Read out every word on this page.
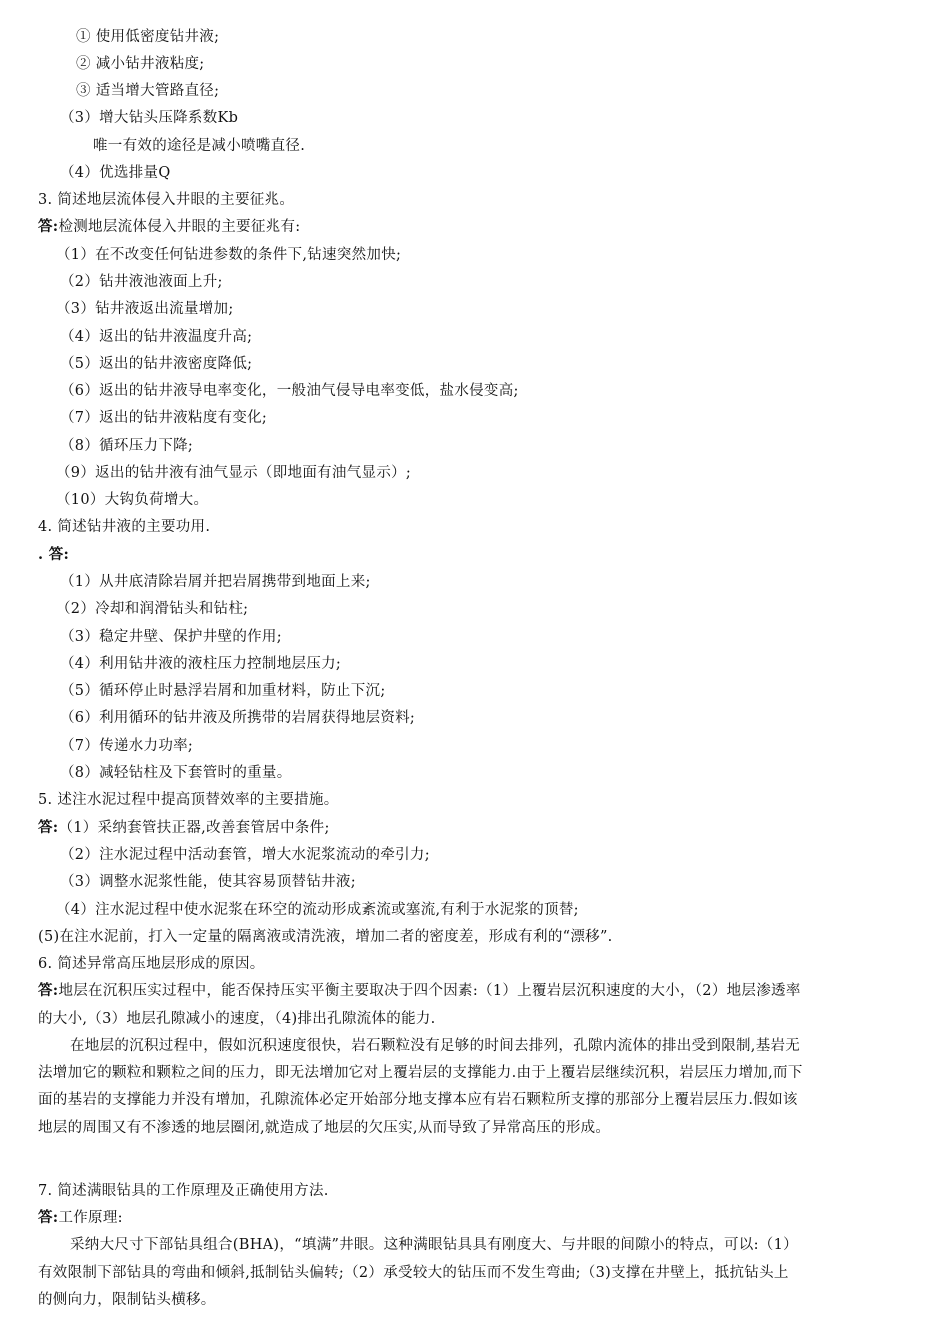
① 使用低密度钻井液;
② 减小钻井液粘度;
③ 适当增大管路直径;
（3）增大钻头压降系数Kb
唯一有效的途径是减小喷嘴直径.
（4）优选排量Q
3. 简述地层流体侵入井眼的主要征兆。
答:检测地层流体侵入井眼的主要征兆有:
（1）在不改变任何钻进参数的条件下,钻速突然加快;
（2）钻井液池液面上升;
（3）钻井液返出流量增加;
（4）返出的钻井液温度升高;
（5）返出的钻井液密度降低;
（6）返出的钻井液导电率变化，一般油气侵导电率变低，盐水侵变高;
（7）返出的钻井液粘度有变化;
（8）循环压力下降;
（9）返出的钻井液有油气显示（即地面有油气显示）;
（10）大钩负荷增大。
4. 简述钻井液的主要功用.
. 答:
（1）从井底清除岩屑并把岩屑携带到地面上来;
（2）冷却和润滑钻头和钻柱;
（3）稳定井壁、保护井壁的作用;
（4）利用钻井液的液柱压力控制地层压力;
（5）循环停止时悬浮岩屑和加重材料，防止下沉;
（6）利用循环的钻井液及所携带的岩屑获得地层资料;
（7）传递水力功率;
（8）减轻钻柱及下套管时的重量。
5. 述注水泥过程中提高顶替效率的主要措施。
答:（1）采纳套管扶正器,改善套管居中条件;
（2）注水泥过程中活动套管，增大水泥浆流动的牵引力;
（3）调整水泥浆性能，使其容易顶替钻井液;
（4）注水泥过程中使水泥浆在环空的流动形成紊流或塞流,有利于水泥浆的顶替;
(5)在注水泥前，打入一定量的隔离液或清洗液，增加二者的密度差，形成有利的“漂移”.
6. 简述异常高压地层形成的原因。
答:地层在沉积压实过程中，能否保持压实平衡主要取决于四个因素:（1）上覆岩层沉积速度的大小，（2）地层渗透率
的大小,（3）地层孔隙减小的速度，（4)排出孔隙流体的能力.
在地层的沉积过程中，假如沉积速度很快，岩石颗粒没有足够的时间去排列，孔隙内流体的排出受到限制,基岩无
法增加它的颗粒和颗粒之间的压力，即无法增加它对上覆岩层的支撑能力.由于上覆岩层继续沉积，岩层压力增加,而下
面的基岩的支撑能力并没有增加，孔隙流体必定开始部分地支撑本应有岩石颗粒所支撑的那部分上覆岩层压力.假如该
地层的周围又有不渗透的地层圈闭,就造成了地层的欠压实,从而导致了异常高压的形成。
7. 简述满眼钻具的工作原理及正确使用方法.
答:工作原理:
采纳大尺寸下部钻具组合(BHA)，“填满”井眼。这种满眼钻具具有刚度大、与井眼的间隙小的特点，可以:（1）
有效限制下部钻具的弯曲和倾斜,抵制钻头偏转;（2）承受较大的钻压而不发生弯曲;（3)支撑在井壁上，抵抗钻头上
的侧向力，限制钻头横移。
